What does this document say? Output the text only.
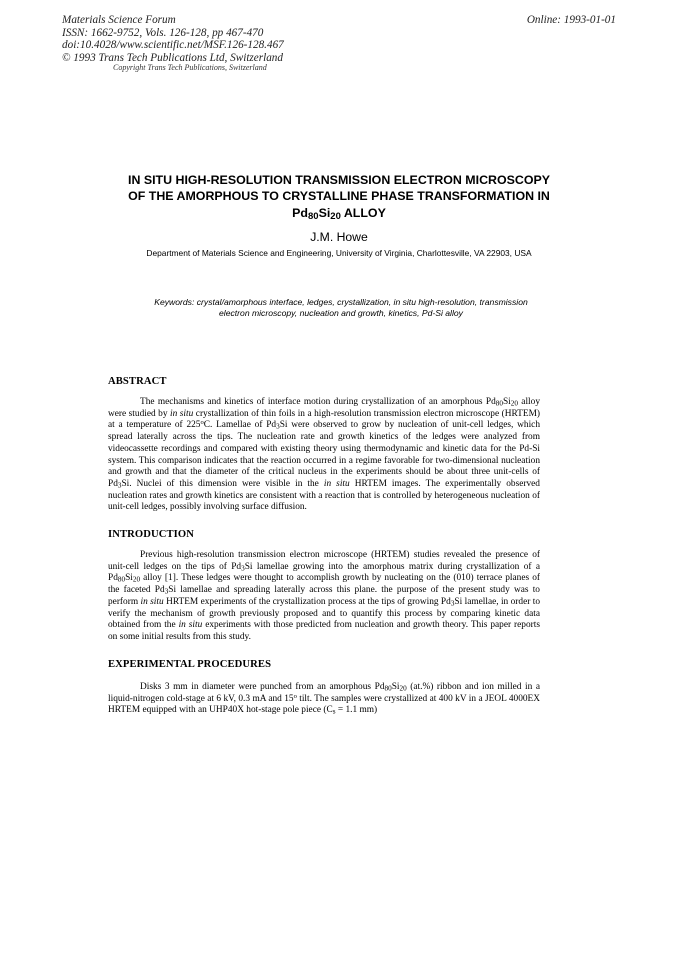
Materials Science Forum
ISSN: 1662-9752, Vols. 126-128, pp 467-470
doi:10.4028/www.scientific.net/MSF.126-128.467
© 1993 Trans Tech Publications Ltd, Switzerland
Online: 1993-01-01
Copyright Trans Tech Publications, Switzerland
IN SITU HIGH-RESOLUTION TRANSMISSION ELECTRON MICROSCOPY
OF THE AMORPHOUS TO CRYSTALLINE PHASE TRANSFORMATION IN
$Pd_{80}Si_{20}$ ALLOY
J.M. Howe
Department of Materials Science and Engineering, University of Virginia, Charlottesville, VA 22903, USA
Keywords: crystal/amorphous interface, ledges, crystallization, in situ high-resolution, transmission
electron microscopy, nucleation and growth, kinetics, Pd-Si alloy
ABSTRACT
The mechanisms and kinetics of interface motion during crystallization of an amorphous $Pd_{80}Si_{20}$ alloy were studied by in situ crystallization of thin foils in a high-resolution transmission electron microscope (HRTEM) at a temperature of 225$^o$C. Lamellae of $Pd_3Si$ were observed to grow by nucleation of unit-cell ledges, which spread laterally across the tips. The nucleation rate and growth kinetics of the ledges were analyzed from videocassette recordings and compared with existing theory using thermodynamic and kinetic data for the Pd-Si system. This comparison indicates that the reaction occurred in a regime favorable for two-dimensional nucleation and growth and that the diameter of the critical nucleus in the experiments should be about three unit-cells of $Pd_3Si$. Nuclei of this dimension were visible in the in situ HRTEM images. The experimentally observed nucleation rates and growth kinetics are consistent with a reaction that is controlled by heterogeneous nucleation of unit-cell ledges, possibly involving surface diffusion.
INTRODUCTION
Previous high-resolution transmission electron microscope (HRTEM) studies revealed the presence of unit-cell ledges on the tips of $Pd_3Si$ lamellae growing into the amorphous matrix during crystallization of a $Pd_{80}Si_{20}$ alloy [1]. These ledges were thought to accomplish growth by nucleating on the (010) terrace planes of the faceted $Pd_3Si$ lamellae and spreading laterally across this plane. the purpose of the present study was to perform in situ HRTEM experiments of the crystallization process at the tips of growing $Pd_3Si$ lamellae, in order to verify the mechanism of growth previously proposed and to quantify this process by comparing kinetic data obtained from the in situ experiments with those predicted from nucleation and growth theory. This paper reports on some initial results from this study.
EXPERIMENTAL PROCEDURES
Disks 3 mm in diameter were punched from an amorphous $Pd_{80}Si_{20}$ (at.%) ribbon and ion milled in a liquid-nitrogen cold-stage at 6 kV, 0.3 mA and 15$^o$ tilt. The samples were crystallized at 400 kV in a JEOL 4000EX HRTEM equipped with an UHP40X hot-stage pole piece ($C_s = 1.1$ mm)
